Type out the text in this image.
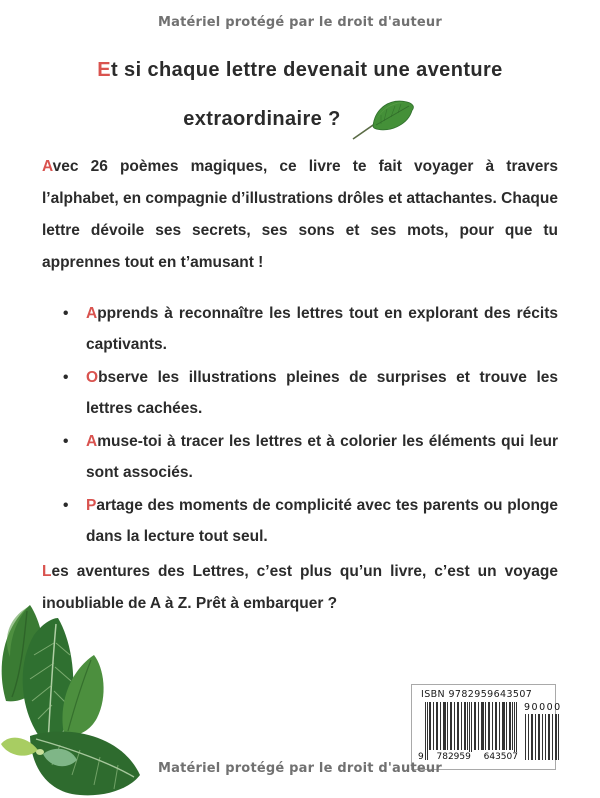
Matériel protégé par le droit d'auteur
Et si chaque lettre devenait une aventure
extraordinaire ?

Avec 26 poèmes magiques, ce livre te fait voyager à travers l’alphabet, en compagnie d’illustrations drôles et attachantes. Chaque lettre dévoile ses secrets, ses sons et ses mots, pour que tu apprennes tout en t’amusant !

• Apprends à reconnaître les lettres tout en explorant des récits captivants.
• Observe les illustrations pleines de surprises et trouve les lettres cachées.
• Amuse-toi à tracer les lettres et à colorier les éléments qui leur sont associés.
• Partage des moments de complicité avec tes parents ou plonge dans la lecture tout seul.

Les aventures des Lettres, c’est plus qu’un livre, c’est un voyage inoubliable de A à Z. Prêt à embarquer ?

ISBN 9782959643507
9 782959 643507
90000
Matériel protégé par le droit d'auteur
